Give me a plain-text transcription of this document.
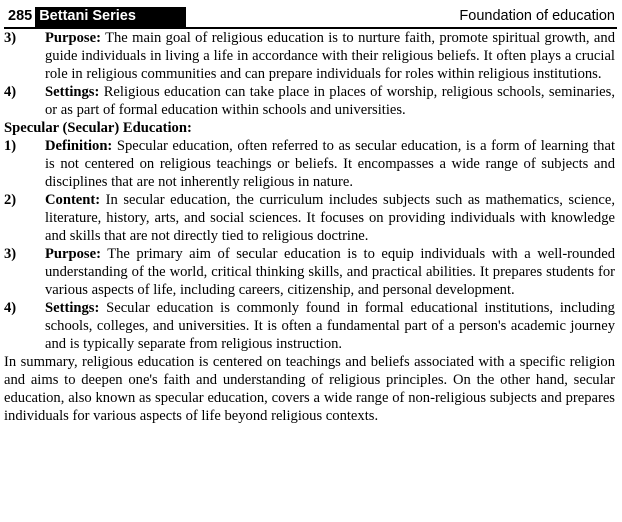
285 Bettani Series	Foundation of education
3)	Purpose: The main goal of religious education is to nurture faith, promote spiritual growth, and guide individuals in living a life in accordance with their religious beliefs. It often plays a crucial role in religious communities and can prepare individuals for roles within religious institutions.
4)	Settings: Religious education can take place in places of worship, religious schools, seminaries, or as part of formal education within schools and universities.
Specular (Secular) Education:
1)	Definition: Specular education, often referred to as secular education, is a form of learning that is not centered on religious teachings or beliefs. It encompasses a wide range of subjects and disciplines that are not inherently religious in nature.
2)	Content: In secular education, the curriculum includes subjects such as mathematics, science, literature, history, arts, and social sciences. It focuses on providing individuals with knowledge and skills that are not directly tied to religious doctrine.
3)	Purpose: The primary aim of secular education is to equip individuals with a well-rounded understanding of the world, critical thinking skills, and practical abilities. It prepares students for various aspects of life, including careers, citizenship, and personal development.
4)	Settings: Secular education is commonly found in formal educational institutions, including schools, colleges, and universities. It is often a fundamental part of a person's academic journey and is typically separate from religious instruction.
In summary, religious education is centered on teachings and beliefs associated with a specific religion and aims to deepen one's faith and understanding of religious principles. On the other hand, secular education, also known as specular education, covers a wide range of non-religious subjects and prepares individuals for various aspects of life beyond religious contexts.
